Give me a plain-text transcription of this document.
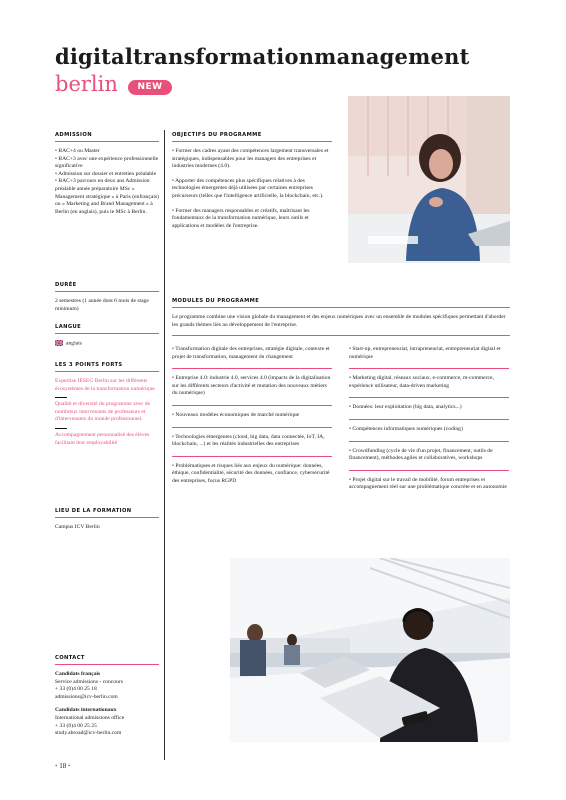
digital transformation management
berlin	NEW
ADMISSION
• BAC+4 ou Master
• BAC+3 avec une expérience professionnelle significative
• Admission sur dossier et entretien préalable
• BAC+3 parcours en deux ans Admission préalable année préparatoire MSc « Management stratégique » à Paris (enfrançais) ou « Marketing and Brand Management » à Berlin (en anglais), puis le MSc à Berlin.
DURÉE
2 semestres (1 année dont 6 mois de stage minimum)
LANGUE
anglais
LES 3 POINTS FORTS
Expertise IÉSEG Berlin sur les différents écosystèmes de la transformation numérique
Qualité et diversité du programme avec de nombreux intervenants de professeurs et d'intervenants du monde professionnel.
Accompagnement personnalisé des élèves facilitant leur employabilité
LIEU DE LA FORMATION
Campus ICV Berlin
CONTACT
Candidats français
Service admissions - concours
+ 33 (0)4 00 25 18
admissions@icv-berlin.com
Candidats internationaux
International admissions office
+ 33 (0)4 00 25 25
study.abroad@icv-berlin.com
• 18 •
OBJECTIFS DU PROGRAMME
• Former des cadres ayant des compétences largement transversales et stratégiques, indispensables pour les managers des entreprises et industries modernes (4.0).
• Apporter des compétences plus spécifiques relatives à des technologies émergentes déjà utilisées par certaines entreprises précurseurs (telles que l'intelligence artificielle, la blockchain, etc.).
• Former des managers responsables et créatifs, maîtrisant les fondamentaux de la transformation numérique, leurs outils et applications et modèles de l'entreprise.
MODULES DU PROGRAMME
Le programme combine une vision globale du management et des enjeux numériques avec un ensemble de modules spécifiques permettant d'aborder les grands thèmes liés au développement de l'entreprise.
• Transformation digitale des entreprises, stratégie digitale, contexte et projet de transformation, management du changement
• Entreprise 4.0: industrie 4.0, services 4.0 (impacts de la digitalisation sur les différents secteurs d'activité et mutation des nouveaux métiers du numérique)
• Nouveaux modèles économiques de marché numérique
• Technologies émergentes (cloud, big data, data connectée, IoT, IA, blockchain, ...) et les réalités industrielles des entreprises
• Problématiques et risques liés aux enjeux du numérique: données, éthique, confidentialité, sécurité des données, confiance, cybersécurité des entreprises, focus RGPD
• Start-up, entrepreneuriat, intrapreneuriat, entrepreneuriat digital et numérique
• Marketing digital, réseaux sociaux, e-commerce, m-commerce, expérience utilisateur, data-driven marketing
• Données: leur exploitation (big data, analytics...)
• Compétences informatiques numériques (coding)
• Crowdfunding (cycle de vie d'un projet, financement, outils de financement), méthodes agiles et collaboratives, workshops
• Projet digital sur le travail de mobilité, forum entreprises et accompagnement réel sur une problématique concrète et en autonomie
